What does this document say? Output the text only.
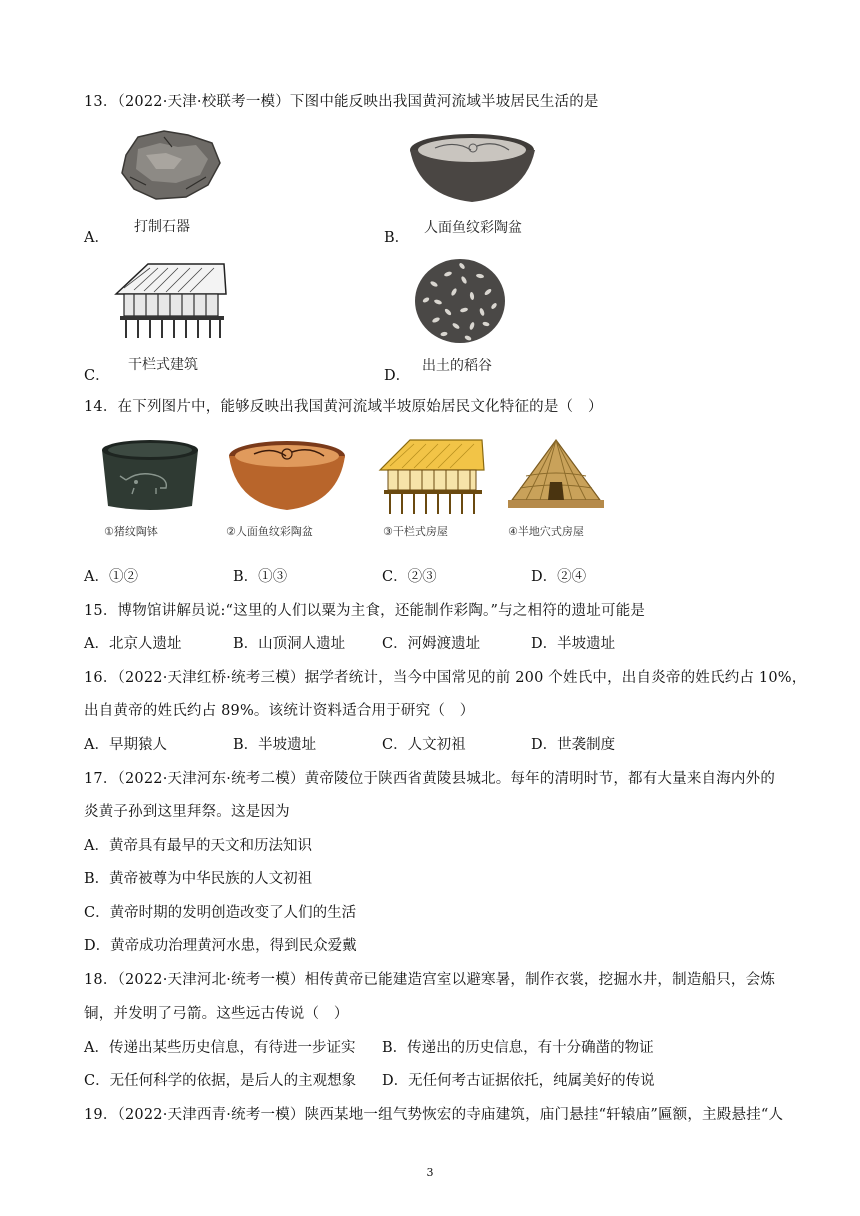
13．（2022·天津·校联考一模）下图中能反映出我国黄河流域半坡居民生活的是
打制石器
A．
人面鱼纹彩陶盆
B．
干栏式建筑
C．
出土的稻谷
D．
14．在下列图片中，能够反映出我国黄河流域半坡原始居民文化特征的是（　）
①猪纹陶钵	②人面鱼纹彩陶盆	③干栏式房屋	④半地穴式房屋
A．①②	B．①③	C．②③	D．②④
15．博物馆讲解员说:“这里的人们以粟为主食，还能制作彩陶。”与之相符的遗址可能是
A．北京人遗址	B．山顶洞人遗址	C．河姆渡遗址	D．半坡遗址
16．（2022·天津红桥·统考三模）据学者统计，当今中国常见的前 200 个姓氏中，出自炎帝的姓氏约占 10%，
出自黄帝的姓氏约占 89%。该统计资料适合用于研究（　）
A．早期猿人	B．半坡遗址	C．人文初祖	D．世袭制度
17．（2022·天津河东·统考二模）黄帝陵位于陕西省黄陵县城北。每年的清明时节，都有大量来自海内外的
炎黄子孙到这里拜祭。这是因为
A．黄帝具有最早的天文和历法知识
B．黄帝被尊为中华民族的人文初祖
C．黄帝时期的发明创造改变了人们的生活
D．黄帝成功治理黄河水患，得到民众爱戴
18．（2022·天津河北·统考一模）相传黄帝已能建造宫室以避寒暑，制作衣裳，挖掘水井，制造船只，会炼
铜，并发明了弓箭。这些远古传说（　）
A．传递出某些历史信息，有待进一步证实 B．传递出的历史信息，有十分确凿的物证
C．无任何科学的依据，是后人的主观想象 D．无任何考古证据依托，纯属美好的传说
19．（2022·天津西青·统考一模）陕西某地一组气势恢宏的寺庙建筑，庙门悬挂“轩辕庙”匾额，主殿悬挂“人
3
